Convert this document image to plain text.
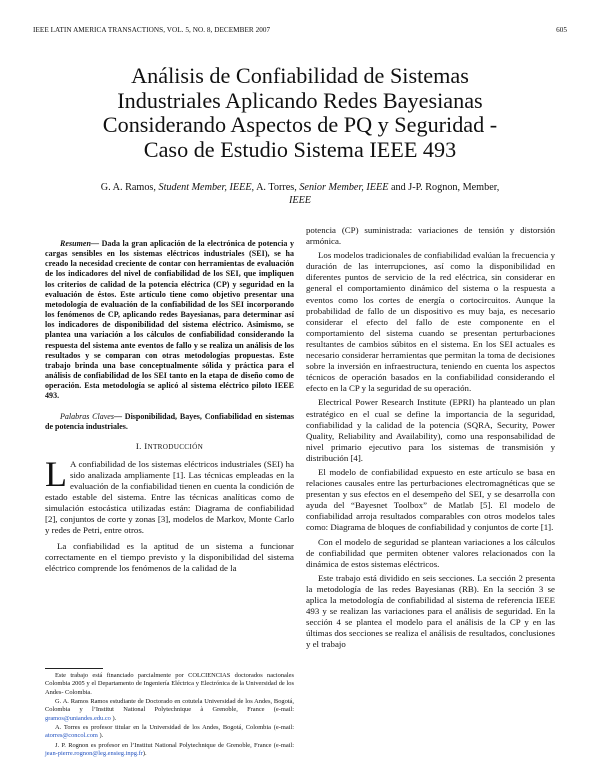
IEEE LATIN AMERICA TRANSACTIONS, VOL. 5, NO. 8, DECEMBER 2007	605
Análisis de Confiabilidad de Sistemas
Industriales Aplicando Redes Bayesianas
Considerando Aspectos de PQ y Seguridad -
Caso de Estudio Sistema IEEE 493
G. A. Ramos, Student Member, IEEE, A. Torres, Senior Member, IEEE and J-P. Rognon, Member,
IEEE

Resumen— Dada la gran aplicación de la electrónica de potencia y cargas sensibles en los sistemas eléctricos industriales (SEI), se ha creado la necesidad creciente de contar con herramientas de evaluación de los indicadores del nivel de confiabilidad de los SEI, que impliquen los criterios de calidad de la potencia eléctrica (CP) y seguridad en la evaluación de éstos. Este artículo tiene como objetivo presentar una metodología de evaluación de la confiabilidad de los SEI incorporando los fenómenos de CP, aplicando redes Bayesianas, para determinar así los indicadores de disponibilidad del sistema eléctrico. Asimismo, se plantea una variación a los cálculos de confiabilidad considerando la respuesta del sistema ante eventos de fallo y se realiza un análisis de los resultados y se comparan con otras metodologías propuestas. Este trabajo brinda una base conceptualmente sólida y práctica para el análisis de confiabilidad de los SEI tanto en la etapa de diseño como de operación. Esta metodología se aplicó al sistema eléctrico piloto IEEE 493.

Palabras Claves— Disponibilidad, Bayes, Confiabilidad en sistemas de potencia industriales.

I. INTRODUCCIÓN

L A confiabilidad de los sistemas eléctricos industriales (SEI) ha sido analizada ampliamente [1]. Las técnicas empleadas en la evaluación de la confiabilidad tienen en cuenta la condición de estado estable del sistema. Entre las técnicas analíticas como de simulación estocástica utilizadas están: Diagrama de confiabilidad [2], conjuntos de corte y zonas [3], modelos de Markov, Monte Carlo y redes de Petri, entre otros.

La confiabilidad es la aptitud de un sistema a funcionar correctamente en el tiempo previsto y la disponibilidad del sistema eléctrico comprende los fenómenos de la calidad de la

potencia (CP) suministrada: variaciones de tensión y distorsión armónica.

Los modelos tradicionales de confiabilidad evalúan la frecuencia y duración de las interrupciones, así como la disponibilidad en diferentes puntos de servicio de la red eléctrica, sin considerar en general el comportamiento dinámico del sistema o la respuesta a eventos como los cortes de energía o cortocircuitos. Aunque la probabilidad de fallo de un dispositivo es muy baja, es necesario considerar el efecto del fallo de este componente en el comportamiento del sistema cuando se presentan perturbaciones resultantes de cambios súbitos en el sistema. En los SEI actuales es necesario considerar herramientas que permitan la toma de decisiones sobre la inversión en infraestructura, teniendo en cuenta los aspectos técnicos de operación basados en la confiabilidad considerando el efecto en la CP y la seguridad de su operación.

Electrical Power Research Institute (EPRI) ha planteado un plan estratégico en el cual se define la importancia de la seguridad, confiabilidad y la calidad de la potencia (SQRA, Security, Power Quality, Reliability and Availability), como una responsabilidad de nivel primario ejecutivo para los sistemas de transmisión y distribución [4].

El modelo de confiabilidad expuesto en este artículo se basa en relaciones causales entre las perturbaciones electromagnéticas que se presentan y sus efectos en el desempeño del SEI, y se desarrolla con ayuda del “Bayesnet Toolbox” de Matlab [5]. El modelo de confiabilidad arroja resultados comparables con otros modelos tales como: Diagrama de bloques de confiabilidad y conjuntos de corte [1].

Con el modelo de seguridad se plantean variaciones a los cálculos de confiabilidad que permiten obtener valores relacionados con la dinámica de estos sistemas eléctricos.

Este trabajo está dividido en seis secciones. La sección 2 presenta la metodología de las redes Bayesianas (RB). En la sección 3 se aplica la metodología de confiabilidad al sistema de referencia IEEE 493 y se realizan las variaciones para el análisis de seguridad. En la sección 4 se plantea el modelo para el análisis de la CP y en las últimas dos secciones se realiza el análisis de resultados, conclusiones y el trabajo

Este trabajo está financiado parcialmente por COLCIENCIAS doctorados nacionales Colombia 2005 y el Departamento de Ingeniería Eléctrica y Electrónica de la Universidad de los Andes- Colombia.

G. A. Ramos Ramos estudiante de Doctorado en cotutela Universidad de los Andes, Bogotá, Colombia y l’Institut National Polytechnique à Grenoble, France (e-mail: gramos@uniandes.edu.co ).

A. Torres es profesor titular en la Universidad de los Andes, Bogotá, Colombia (e-mail: atorres@concol.com ).

J. P. Rognon es profesor en l’Institut National Polytechnique de Grenoble, France (e-mail: jean-pierre.rognon@leg.ensieg.inpg.fr).
